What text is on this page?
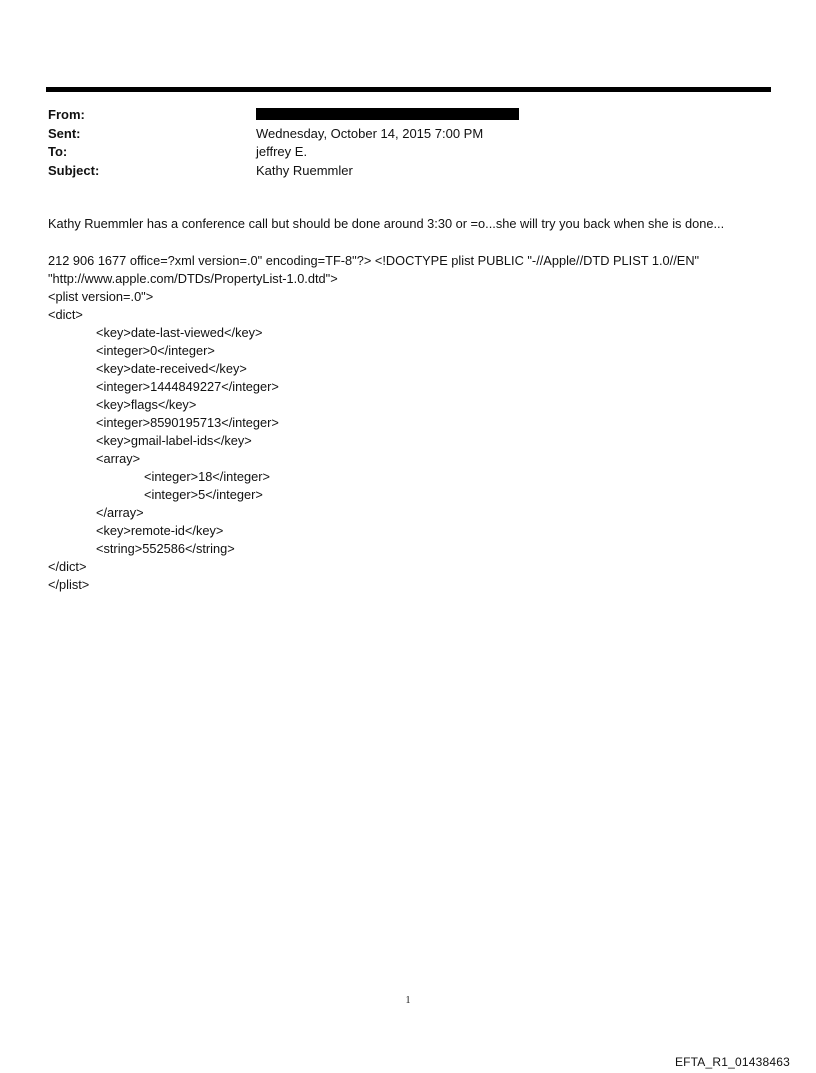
From:
Sent:	Wednesday, October 14, 2015 7:00 PM
To:	jeffrey E.
Subject:	Kathy Ruemmler

Kathy Ruemmler has a conference call but should be done around 3:30 or =o...she will try you back when she is done...

212 906 1677 office=?xml version=.0" encoding=TF-8"?> <!DOCTYPE plist PUBLIC "-//Apple//DTD PLIST 1.0//EN"
"http://www.apple.com/DTDs/PropertyList-1.0.dtd">
<plist version=.0">
<dict>
<key>date-last-viewed</key>
<integer>0</integer>
<key>date-received</key>
<integer>1444849227</integer>
<key>flags</key>
<integer>8590195713</integer>
<key>gmail-label-ids</key>
<array>
<integer>18</integer>
<integer>5</integer>
</array>
<key>remote-id</key>
<string>552586</string>
</dict>
</plist>
1
EFTA_R1_01438463
